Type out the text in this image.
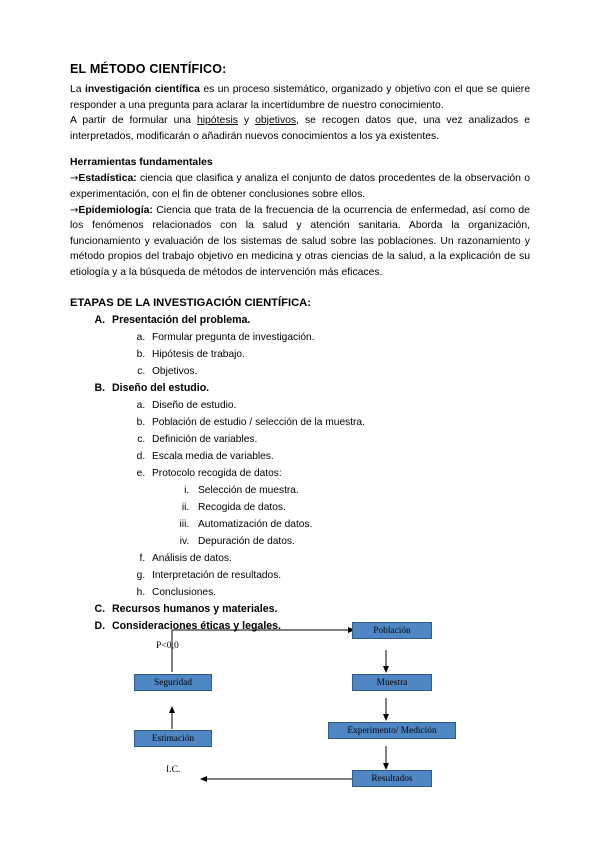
EL MÉTODO CIENTÍFICO:

La investigación científica es un proceso sistemático, organizado y objetivo con el que se quiere responder a una pregunta para aclarar la incertidumbre de nuestro conocimiento.

A partir de formular una hipótesis y objetivos, se recogen datos que, una vez analizados e interpretados, modificarán o añadirán nuevos conocimientos a los ya existentes.

Herramientas fundamentales

→Estadística: ciencia que clasifica y analiza el conjunto de datos procedentes de la observación o experimentación, con el fin de obtener conclusiones sobre ellos.

→Epidemiología: Ciencia que trata de la frecuencia de la ocurrencia de enfermedad, así como de los fenómenos relacionados con la salud y atención sanitaria. Aborda la organización, funcionamiento y evaluación de los sistemas de salud sobre las poblaciones. Un razonamiento y método propios del trabajo objetivo en medicina y otras ciencias de la salud, a la explicación de su etiología y a la búsqueda de métodos de intervención más eficaces.

ETAPAS DE LA INVESTIGACIÓN CIENTÍFICA:
A. Presentación del problema.
a. Formular pregunta de investigación.
b. Hipótesis de trabajo.
c. Objetivos.
B. Diseño del estudio.
a. Diseño de estudio.
b. Población de estudio / selección de la muestra.
c. Definición de variables.
d. Escala media de variables.
e. Protocolo recogida de datos:
i. Selección de muestra.
ii. Recogida de datos.
iii. Automatización de datos.
iv. Depuración de datos.
f. Análisis de datos.
g. Interpretación de resultados.
h. Conclusiones.
C. Recursos humanos y materiales.
D. Consideraciones éticas y legales.	Población
Muestra
Experimento/ Medición
Resultados
Seguridad
Estimación
P<0,0
I.C.
